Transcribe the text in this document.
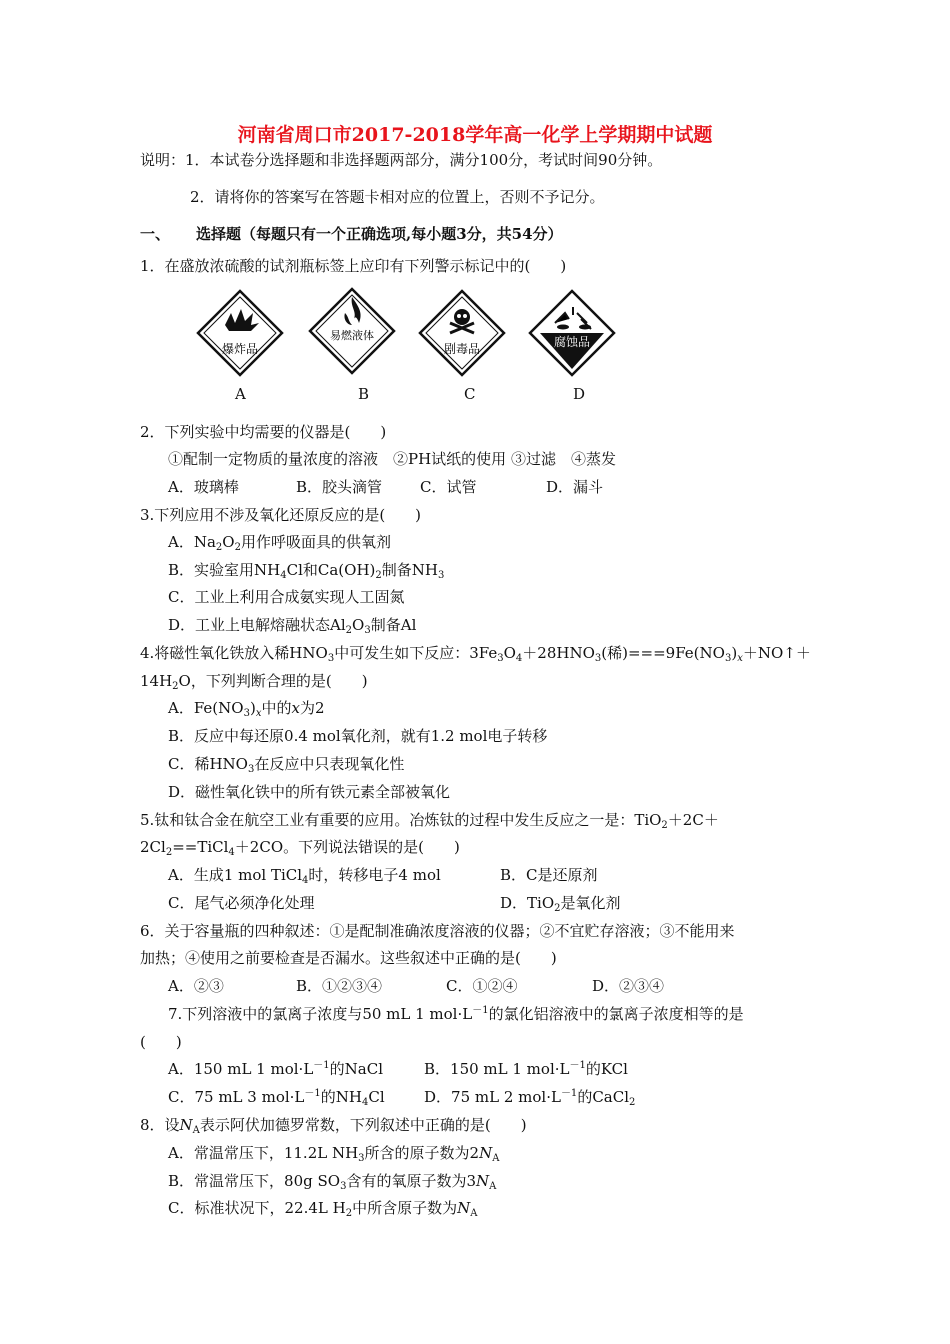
河南省周口市2017-2018学年高一化学上学期期中试题
说明：1．本试卷分选择题和非选择题两部分，满分100分，考试时间90分钟。
2．请将你的答案写在答题卡相对应的位置上，否则不予记分。
一、 选择题（每题只有一个正确选项,每小题3分，共54分）
1．在盛放浓硫酸的试剂瓶标签上应印有下列警示标记中的(　　)
爆炸品
易燃液体
剧毒品	腐蚀品
A	B	C	D
2．下列实验中均需要的仪器是(　　)
①配制一定物质的量浓度的溶液　②PH试纸的使用 ③过滤　④蒸发
A．玻璃棒	B．胶头滴管	C．试管	D．漏斗
3.下列应用不涉及氧化还原反应的是(　　)
A．$Na_2O_2$用作呼吸面具的供氧剂
B．实验室用$NH_4Cl$和$Ca(OH)_2$制备$NH_3$
C．工业上利用合成氨实现人工固氮
D．工业上电解熔融状态$Al_2O_3$制备Al
4.将磁性氧化铁放入稀$HNO_3$中可发生如下反应：$3Fe_3O_4+28HNO_3$(稀)$===9Fe(NO_3)_x+NO↑+$
$14H_2O$，下列判断合理的是(　　)
A．$Fe(NO_3)_x$中的x为2
B．反应中每还原0.4 mol氧化剂，就有1.2 mol电子转移
C．稀$HNO_3$在反应中只表现氧化性
D．磁性氧化铁中的所有铁元素全部被氧化
5.钛和钛合金在航空工业有重要的应用。冶炼钛的过程中发生反应之一是：TiO$_2$＋2C＋
$2Cl_2==TiCl_4+2CO$。下列说法错误的是(　　)
A．生成1 mol TiCl$_4$时，转移电子4 mol	B．C是还原剂
C．尾气必须净化处理	D．TiO$_2$是氧化剂
6．关于容量瓶的四种叙述：①是配制准确浓度溶液的仪器；②不宜贮存溶液；③不能用来
加热；④使用之前要检查是否漏水。这些叙述中正确的是(　　)
A．②③	B．①②③④	C．①②④	D．②③④
7.下列溶液中的氯离子浓度与50 mL 1 $mol\cdot L^{-1}$的氯化铝溶液中的氯离子浓度相等的是
(　　)
A．150 mL 1 $mol\cdot L^{-1}$的NaCl	B．150 mL 1 $mol\cdot L^{-1}$的KCl
C．75 mL 3 $mol\cdot L^{-1}$的$NH_4Cl$	D．75 mL 2 $mol\cdot L^{-1}$的CaCl$_2$
8．设$N_A$表示阿伏加德罗常数，下列叙述中正确的是(　　)
A．常温常压下，11.2L $NH_3$所含的原子数为$2N_A$
B．常温常压下，80g $SO_3$含有的氧原子数为$3N_A$
C．标准状况下，22.4L $H_2$中所含原子数为$N_A$
